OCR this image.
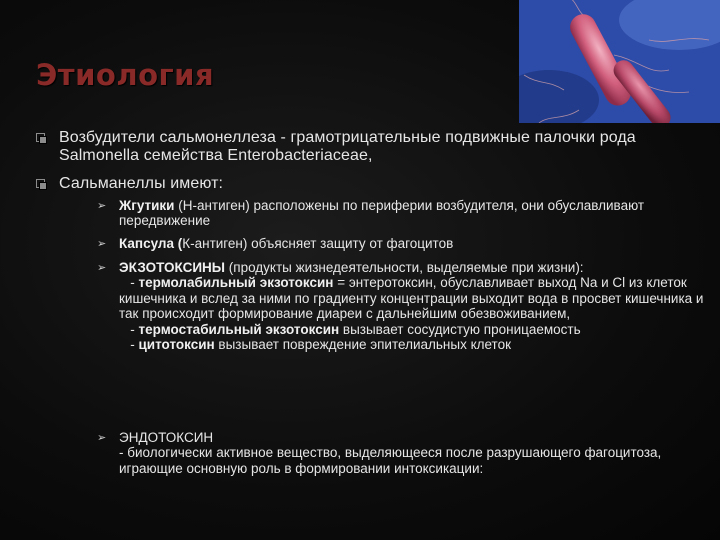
Этиология
Возбудители сальмонеллеза - грамотрицательные подвижные палочки рода Salmonella семейства Enterobacteriaceae,
Сальманеллы имеют:
➢ Жгутики (Н-антиген) расположены по периферии возбудителя, они обуславливают передвижение
➢ Капсула (К-антиген) объясняет защиту от фагоцитов
➢ ЭКЗОТОКСИНЫ (продукты жизнедеятельности, выделяемые при жизни):
- термолабильный экзотоксин = энтеротоксин, обуславливает выход Na и Cl из клеток кишечника и вслед за ними по градиенту концентрации выходит вода в просвет кишечника и так происходит формирование диареи с дальнейшим обезвоживанием,
- термостабильный экзотоксин вызывает сосудистую проницаемость
- цитотоксин вызывает повреждение эпителиальных клеток
➢ ЭНДОТОКСИН
- биологически активное вещество, выделяющееся после разрушающего фагоцитоза, играющие основную роль в формировании интоксикации:
